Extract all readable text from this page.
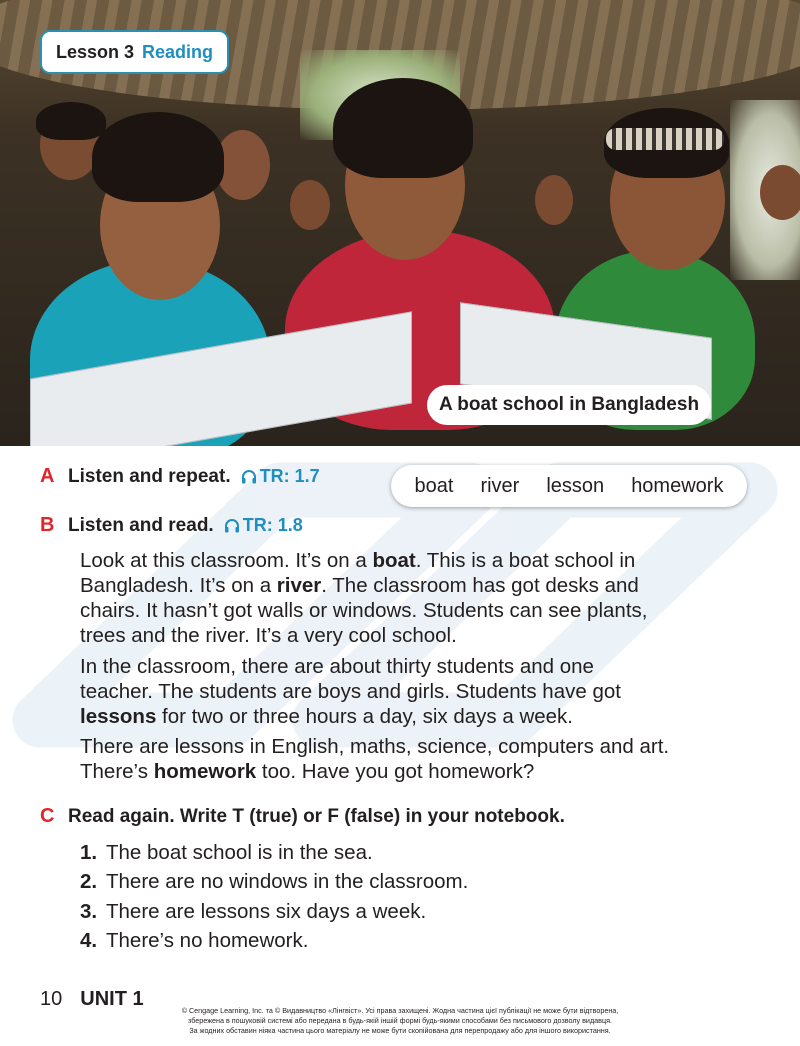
Lesson 3 Reading
A boat school in Bangladesh
A Listen and repeat. TR: 1.7	boat river lesson homework
B Listen and read. TR: 1.8

Look at this classroom. It’s on a boat. This is a boat school in Bangladesh. It’s on a river. The classroom has got desks and chairs. It hasn’t got walls or windows. Students can see plants, trees and the river. It’s a very cool school.

In the classroom, there are about thirty students and one teacher. The students are boys and girls. Students have got lessons for two or three hours a day, six days a week.

There are lessons in English, maths, science, computers and art. There’s homework too. Have you got homework?

C Read again. Write T (true) or F (false) in your notebook.
1. The boat school is in the sea.
2. There are no windows in the classroom.
3. There are lessons six days a week.
4. There’s no homework.
10 UNIT 1
© Cengage Learning, Inc. та © Видавництво «Лінгвіст». Усі права захищені. Жодна частина цієї публікації не може бути відтворена,
збережена в пошуковій системі або передана в будь-якій іншій формі будь-якими способами без письмового дозволу видавця.
За жодних обставин ніяка частина цього матеріалу не може бути скопійована для перепродажу або для іншого використання.
